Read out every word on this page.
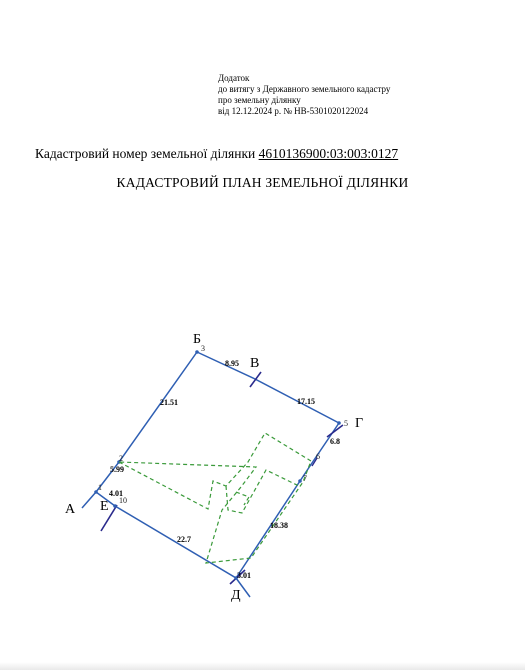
Додаток
до витягу з Державного земельного кадастру
про земельну ділянку
від 12.12.2024 р. № НВ-5301020122024
Кадастровий номер земельної ділянки 4610136900:03:003:0127
КАДАСТРОВИЙ ПЛАН ЗЕМЕЛЬНОЇ ДІЛЯНКИ
1
2
3
5
6
7
10
21.51
8.95
17.15
6.8
5.99
4.01
22.7
18.38
3.01
А
Б
В
Г
Д
Е
